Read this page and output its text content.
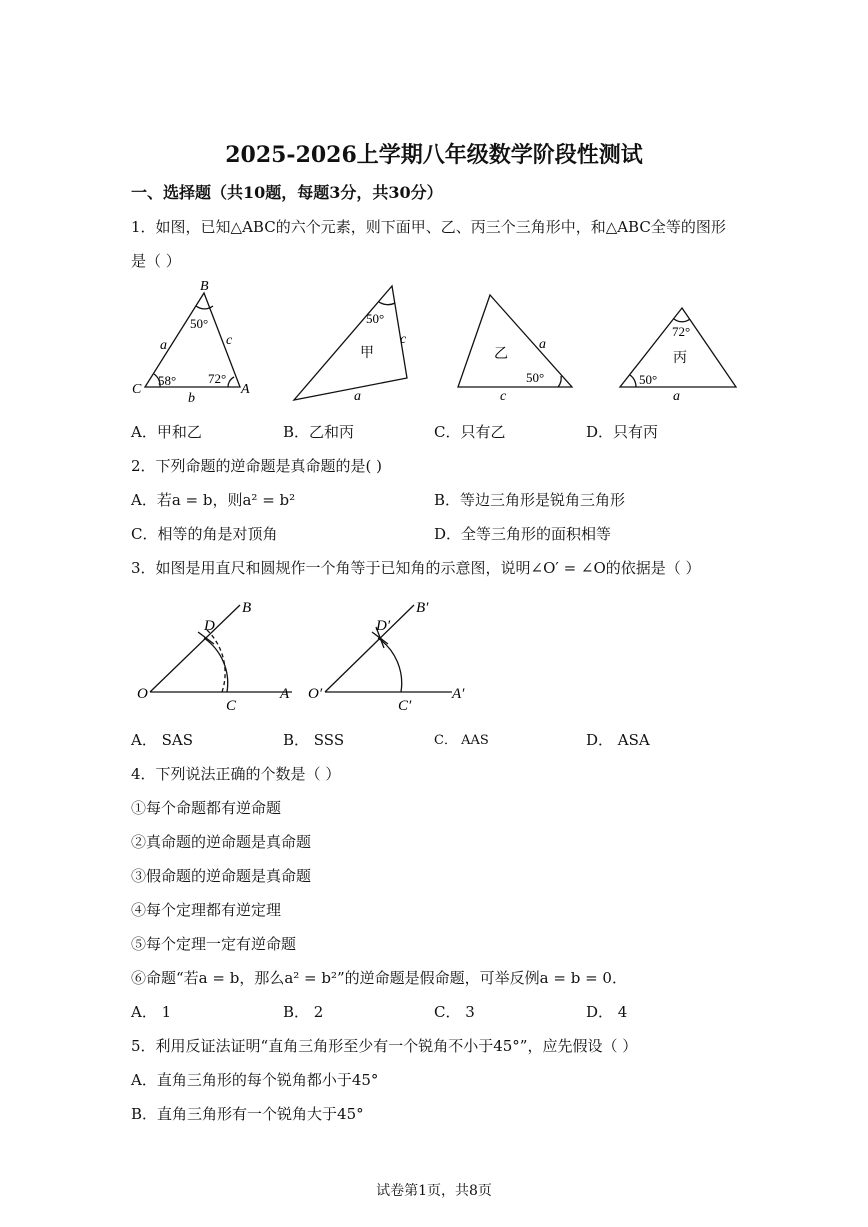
2025-2026上学期八年级数学阶段性测试
一、选择题（共10题，每题3分，共30分）
1．如图，已知△ABC的六个元素，则下面甲、乙、丙三个三角形中，和△ABC全等的图形
是（ ）
B
C	A
a	c
b
50°
58° 72°
50°
甲
c
a
乙
a
50°
c
72°
丙
50°
a
A．甲和乙	B．乙和丙	C．只有乙	D．只有丙
2．下列命题的逆命题是真命题的是( )
A．若a = b，则a² = b²	B．等边三角形是锐角三角形
C．相等的角是对顶角	D．全等三角形的面积相等
3．如图是用直尺和圆规作一个角等于已知角的示意图，说明∠O′ = ∠O的依据是（ ）
O	A
B
C
D
O′	A′
B′
C′
D′
A． SAS	B． SSS	C． AAS	D． ASA
4．下列说法正确的个数是（ ）
①每个命题都有逆命题
②真命题的逆命题是真命题
③假命题的逆命题是真命题
④每个定理都有逆定理
⑤每个定理一定有逆命题
⑥命题“若a = b，那么a² = b²”的逆命题是假命题，可举反例a = b = 0．
A． 1	B． 2	C． 3	D． 4
5．利用反证法证明“直角三角形至少有一个锐角不小于45°”，应先假设（ ）
A．直角三角形的每个锐角都小于45°
B．直角三角形有一个锐角大于45°
试卷第1页，共8页
